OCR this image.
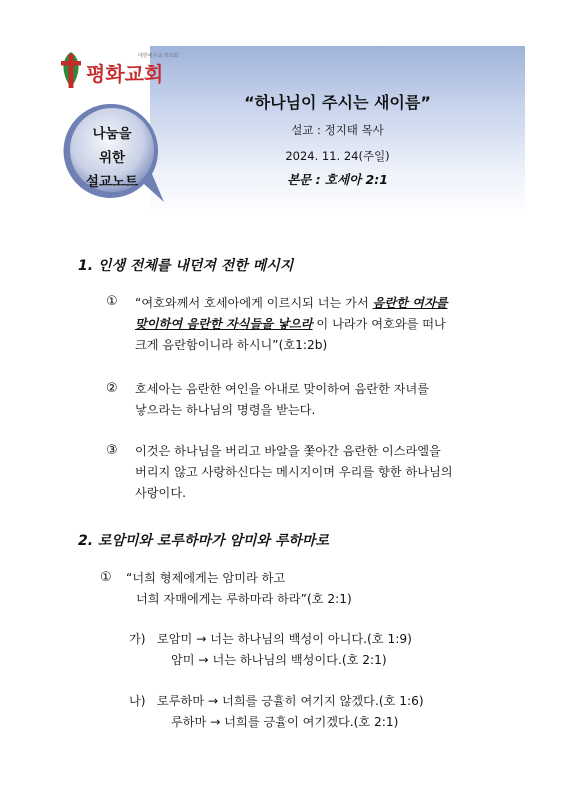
대한예수교 장로회
평화교회
나눔을
위한
설교노트
“하나님이 주시는 새이름”
설교 : 정지태 목사
2024. 11. 24(주일)
본문 : 호세아 2:1
1. 인생 전체를 내던져 전한 메시지
① “여호와께서 호세아에게 이르시되 너는 가서 음란한 여자를
맞이하여 음란한 자식들을 낳으라 이 나라가 여호와를 떠나
크게 음란함이니라 하시니”(호1:2b)
② 호세아는 음란한 여인을 아내로 맞이하여 음란한 자녀를
낳으라는 하나님의 명령을 받는다.
③ 이것은 하나님을 버리고 바알을 쫓아간 음란한 이스라엘을
버리지 않고 사랑하신다는 메시지이며 우리를 향한 하나님의
사랑이다.
2. 로암미와 로루하마가 암미와 루하마로
① “너희 형제에게는 암미라 하고
너희 자매에게는 루하마라 하라”(호 2:1)
가) 로암미 → 너는 하나님의 백성이 아니다.(호 1:9)
암미 → 너는 하나님의 백성이다.(호 2:1)
나) 로루하마 → 너희를 긍휼히 여기지 않겠다.(호 1:6)
루하마 → 너희를 긍휼이 여기겠다.(호 2:1)
